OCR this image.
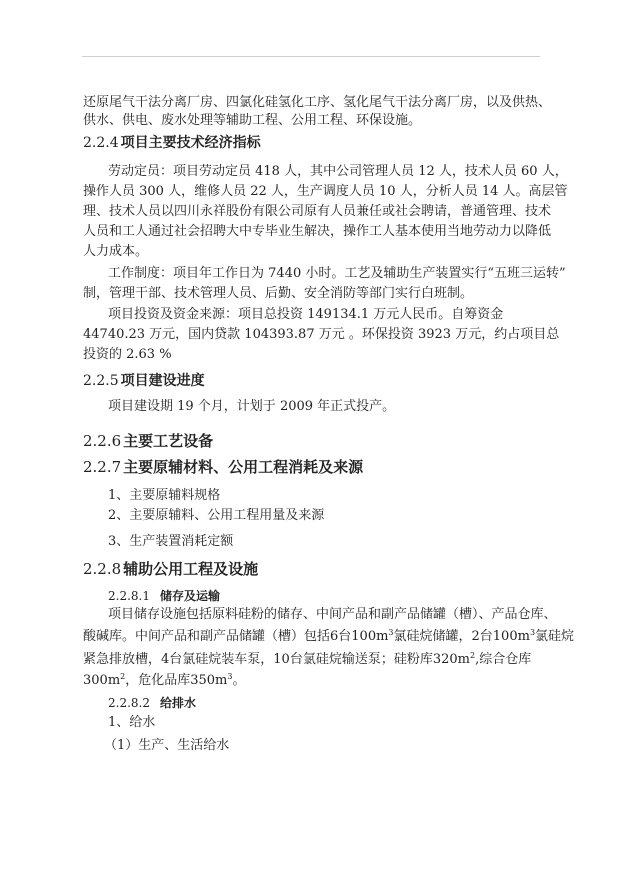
还原尾气干法分离厂房、四氯化硅氢化工序、氢化尾气干法分离厂房，以及供热、
供水、供电、废水处理等辅助工程、公用工程、环保设施。
2.2.4 项目主要技术经济指标
劳动定员：项目劳动定员 418 人，其中公司管理人员 12 人，技术人员 60 人，
操作人员 300 人，维修人员 22 人，生产调度人员 10 人，分析人员 14 人。高层管
理、技术人员以四川永祥股份有限公司原有人员兼任或社会聘请，普通管理、技术
人员和工人通过社会招聘大中专毕业生解决，操作工人基本使用当地劳动力以降低
人力成本。
工作制度：项目年工作日为 7440 小时。工艺及辅助生产装置实行“五班三运转”
制，管理干部、技术管理人员、后勤、安全消防等部门实行白班制。
项目投资及资金来源：项目总投资 149134.1 万元人民币。自筹资金
44740.23 万元，国内贷款 104393.87 万元 。环保投资 3923 万元，约占项目总
投资的 2.63 %
2.2.5 项目建设进度
项目建设期 19 个月，计划于 2009 年正式投产。
2.2.6 主要工艺设备
2.2.7 主要原辅材料、公用工程消耗及来源
1、主要原辅料规格
2、主要原辅料、公用工程用量及来源
3、生产装置消耗定额
2.2.8 辅助公用工程及设施
2.2.8.1 储存及运输
项目储存设施包括原料硅粉的储存、中间产品和副产品储罐（槽）、产品仓库、
酸碱库。中间产品和副产品储罐（槽）包括6台$100m^3$氯硅烷储罐，2台$100m^3$氯硅烷
紧急排放槽，4台氯硅烷装车泵，10台氯硅烷输送泵；硅粉库$320m^2$,综合仓库
$300m^2$，危化品库$350m^3$。
2.2.8.2 给排水
1、给水
（1）生产、生活给水
